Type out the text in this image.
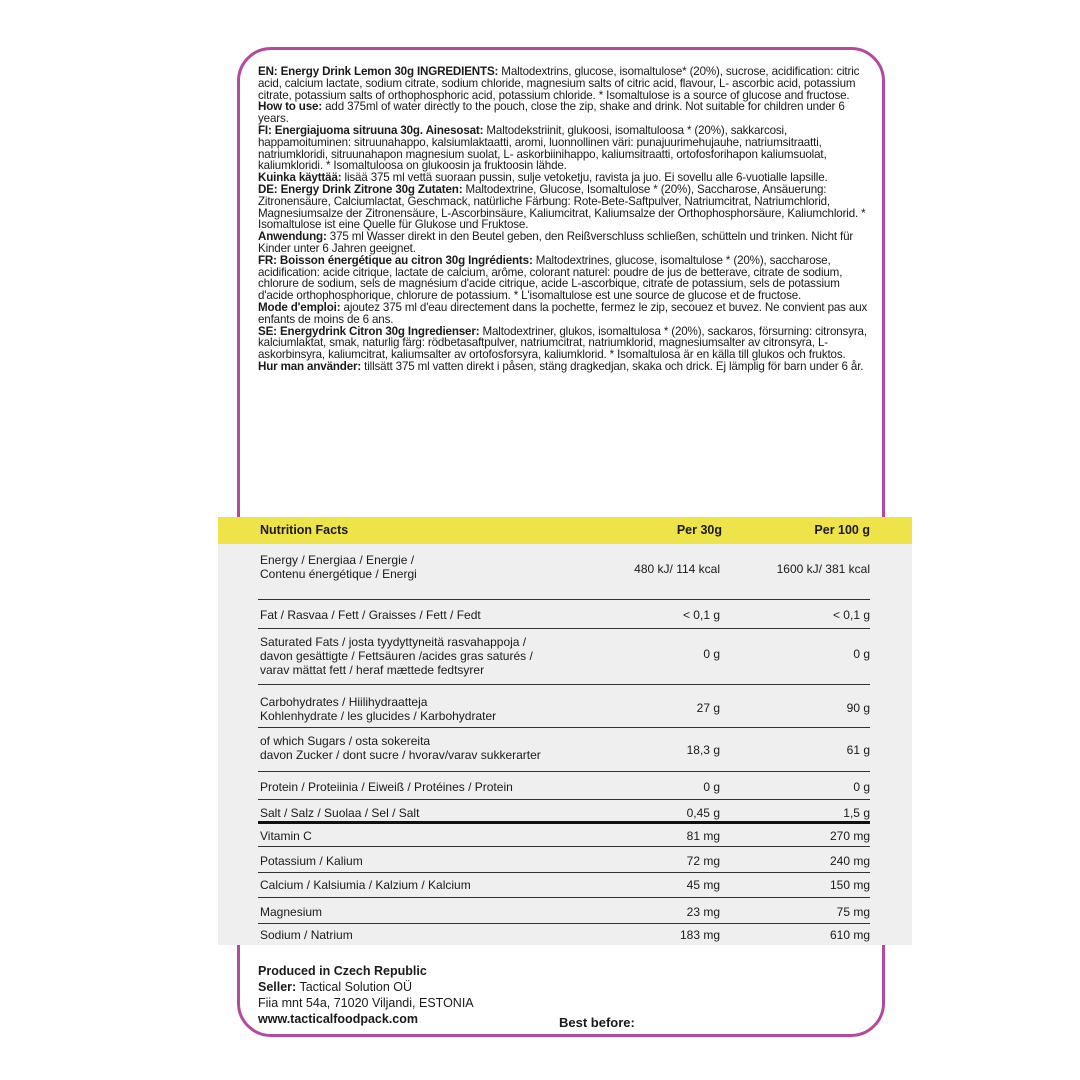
EN: Energy Drink Lemon 30g INGREDIENTS: Maltodextrins, glucose, isomaltulose* (20%), sucrose, acidification: citric acid, calcium lactate, sodium citrate, sodium chloride, magnesium salts of citric acid, flavour, L- ascorbic acid, potassium citrate, potassium salts of orthophosphoric acid, potassium chloride. * Isomaltulose is a source of glucose and fructose.

How to use: add 375ml of water directly to the pouch, close the zip, shake and drink. Not suitable for children under 6 years.

FI: Energiajuoma sitruuna 30g. Ainesosat: Maltodekstriinit, glukoosi, isomaltuloosa * (20%), sakkarcosi, happamoituminen: sitruunahappo, kalsiumlaktaatti, aromi, luonnollinen väri: punajuurimehujauhe, natriumsitraatti, natriumkloridi, sitruunahapon magnesium suolat, L- askorbiinihappo, kaliumsitraatti, ortofosforihapon kaliumsuolat, kaliumkloridi. * Isomaltuloosa on glukoosin ja fruktoosin lähde.

Kuinka käyttää: lisää 375 ml vettä suoraan pussin, sulje vetoketju, ravista ja juo. Ei sovellu alle 6-vuotialle lapsille.

DE: Energy Drink Zitrone 30g Zutaten: Maltodextrine, Glucose, Isomaltulose * (20%), Saccharose, Ansäuerung: Zitronensäure, Calciumlactat, Geschmack, natürliche Färbung: Rote-Bete-Saftpulver, Natriumcitrat, Natriumchlorid, Magnesiumsalze der Zitronensäure, L-Ascorbinsäure, Kaliumcitrat, Kaliumsalze der Orthophosphorsäure, Kaliumchlorid. * Isomaltulose ist eine Quelle für Glukose und Fruktose.

Anwendung: 375 ml Wasser direkt in den Beutel geben, den Reißverschluss schließen, schütteln und trinken. Nicht für Kinder unter 6 Jahren geeignet.

FR: Boisson énergétique au citron 30g Ingrédients: Maltodextrines, glucose, isomaltulose * (20%), saccharose, acidification: acide citrique, lactate de calcium, arôme, colorant naturel: poudre de jus de betterave, citrate de sodium, chlorure de sodium, sels de magnésium d'acide citrique, acide L-ascorbique, citrate de potassium, sels de potassium d'acide orthophosphorique, chlorure de potassium. * L'isomaltulose est une source de glucose et de fructose.

Mode d'emploi: ajoutez 375 ml d'eau directement dans la pochette, fermez le zip, secouez et buvez. Ne convient pas aux enfants de moins de 6 ans.

SE: Energydrink Citron 30g Ingredienser: Maltodextriner, glukos, isomaltulosa * (20%), sackaros, försurning: citronsyra, kalciumlaktat, smak, naturlig färg: rödbetasaftpulver, natriumcitrat, natriumklorid, magnesiumsalter av citronsyra, L-askorbinsyra, kaliumcitrat, kaliumsalter av ortofosforsyra, kaliumklorid. * Isomaltulosa är en källa till glukos och fruktos.

Hur man använder: tillsätt 375 ml vatten direkt i påsen, stäng dragkedjan, skaka och drick. Ej lämplig för barn under 6 år.

Nutrition Facts	Per 30g	Per 100 g
Energy / Energiaa / Energie /
Contenu énergétique / Energi	480 kJ/ 114 kcal	1600 kJ/ 381 kcal
Fat / Rasvaa / Fett / Graisses / Fett / Fedt	< 0,1 g	< 0,1 g
Saturated Fats / josta tyydyttyneitä rasvahappoja /
davon gesättigte / Fettsäuren /acides gras saturés /
varav mättat fett / heraf mættede fedtsyrer
0 g	0 g
Carbohydrates / Hiilihydraatteja
Kohlenhydrate / les glucides / Karbohydrater
27 g	90 g
of which Sugars / osta sokereita
davon Zucker / dont sucre / hvorav/varav sukkerarter	18,3 g	61 g
Protein / Proteiinia / Eiweiß / Protéines / Protein	0 g	0 g
Salt / Salz / Suolaa / Sel / Salt	0,45 g	1,5 g
Vitamin C	81 mg	270 mg
Potassium / Kalium	72 mg	240 mg
Calcium / Kalsiumia / Kalzium / Kalcium	45 mg	150 mg
Magnesium	23 mg	75 mg
Sodium / Natrium	183 mg	610 mg

Produced in Czech Republic

Seller: Tactical Solution OÜ

Fiia mnt 54a, 71020 Viljandi, ESTONIA

www.tacticalfoodpack.com	Best before:
